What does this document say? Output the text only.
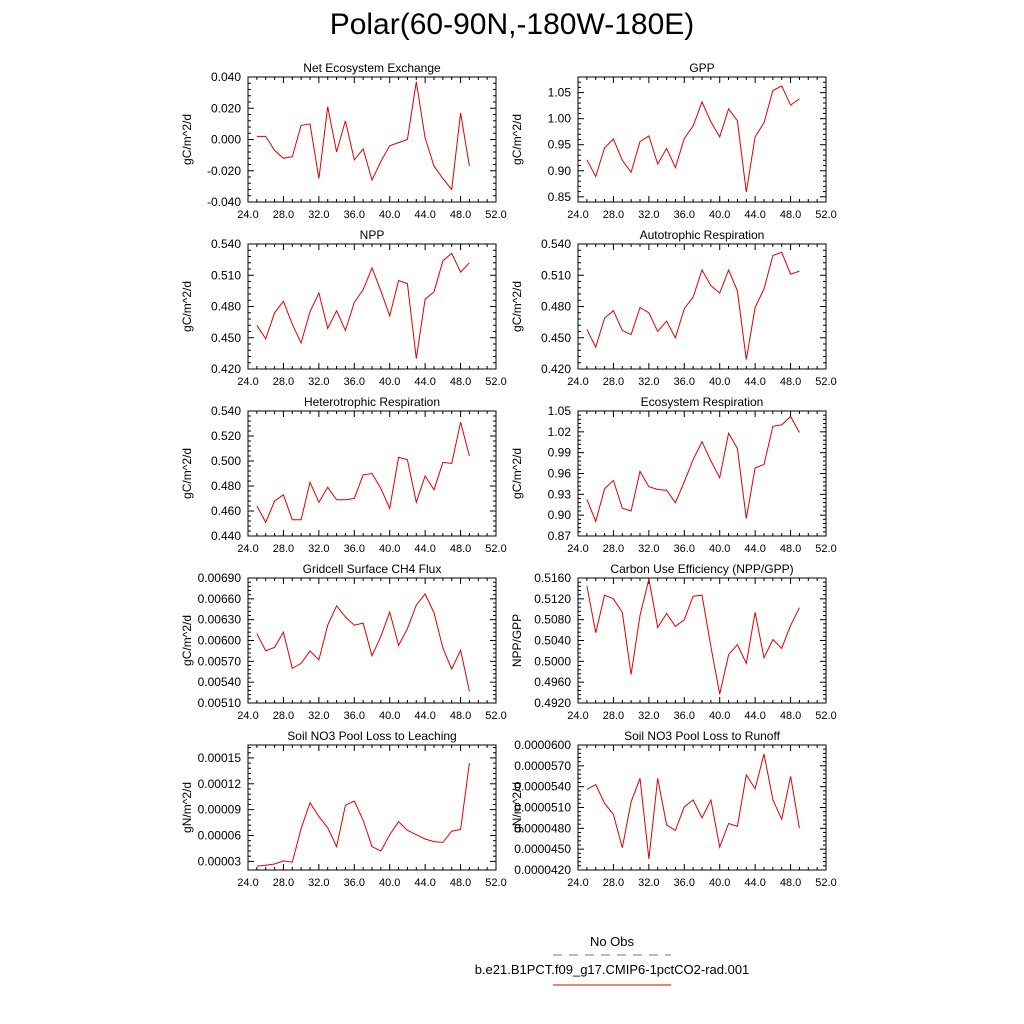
Polar(60-90N,-180W-180E)
Net Ecosystem Exchange
gC/m^2/d
24.0 28.0 32.0 36.0 40.0 44.0 48.0 52.0
0.040
0.020
0.000
-0.020
-0.040
GPP
gC/m^2/d
24.0 28.0 32.0 36.0 40.0 44.0 48.0 52.0
1.05
1.00
0.95
0.90
0.85
NPP
gC/m^2/d
24.0 28.0 32.0 36.0 40.0 44.0 48.0 52.0
0.540
0.510
0.480
0.450
0.420
Autotrophic Respiration
gC/m^2/d
24.0 28.0 32.0 36.0 40.0 44.0 48.0 52.0
0.540
0.510
0.480
0.450
0.420
Heterotrophic Respiration
gC/m^2/d
24.0 28.0 32.0 36.0 40.0 44.0 48.0 52.0
0.540
0.520
0.500
0.480
0.460
0.440
Ecosystem Respiration
gC/m^2/d
24.0 28.0 32.0 36.0 40.0 44.0 48.0 52.0
1.05
1.02
0.99
0.96
0.93
0.90
0.87
Gridcell Surface CH4 Flux
gC/m^2/d
24.0 28.0 32.0 36.0 40.0 44.0 48.0 52.0
0.00690
0.00660
0.00630
0.00600
0.00570
0.00540
0.00510
Carbon Use Efficiency (NPP/GPP)
NPP/GPP
24.0 28.0 32.0 36.0 40.0 44.0 48.0 52.0
0.5160
0.5120
0.5080
0.5040
0.5000
0.4960
0.4920
Soil NO3 Pool Loss to Leaching
gN/m^2/d
24.0 28.0 32.0 36.0 40.0 44.0 48.0 52.0
0.00015
0.00012
0.00009
0.00006
0.00003
Soil NO3 Pool Loss to Runoff
gN/m^2/d
24.0 28.0 32.0 36.0 40.0 44.0 48.0 52.0
0.0000600
0.0000570
0.0000540
0.0000510
0.0000480
0.0000450
0.0000420
No Obs
b.e21.B1PCT.f09_g17.CMIP6-1pctCO2-rad.001
